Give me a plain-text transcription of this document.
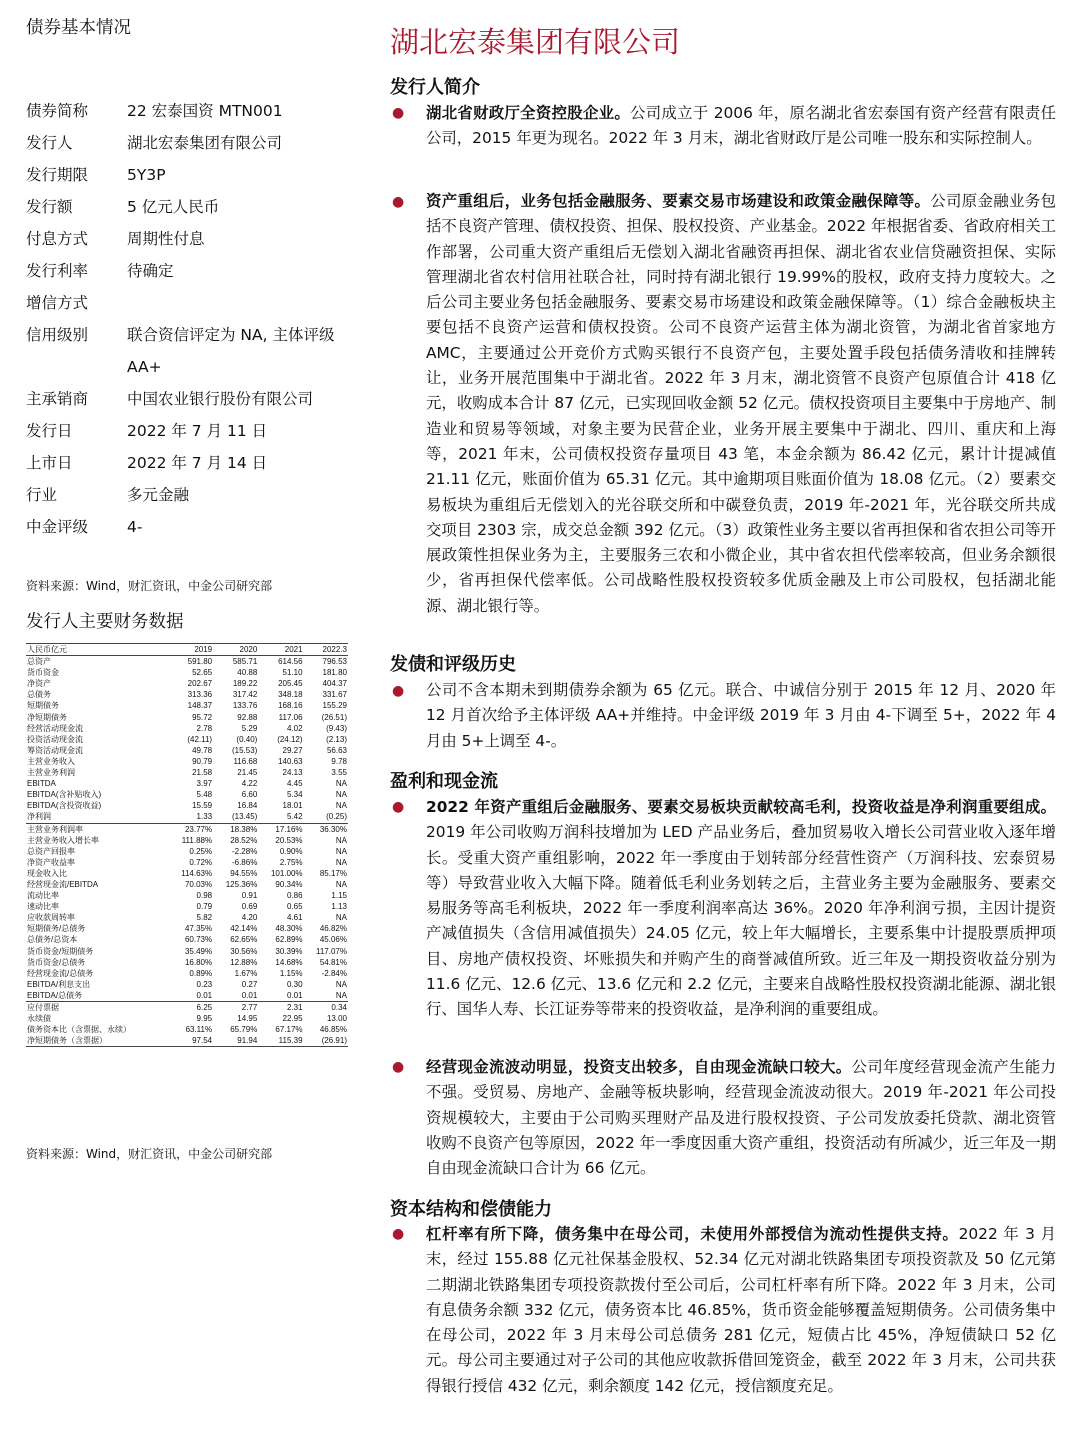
债券基本情况
债券简称	22 宏泰国资 MTN001
发行人	湖北宏泰集团有限公司
发行期限	5Y3P
发行额	5 亿元人民币
付息方式	周期性付息
发行利率	待确定
增信方式
信用级别	联合资信评定为 NA, 主体评级
AA+
主承销商	中国农业银行股份有限公司
发行日	2022 年 7 月 11 日
上市日	2022 年 7 月 14 日
行业	多元金融
中金评级	4-
资料来源：Wind，财汇资讯，中金公司研究部
发行人主要财务数据
人民币亿元	2019	2020	2021	2022.3
总资产	591.80	585.71	614.56	796.53
货币资金	52.65	40.88	51.10	181.80
净资产	202.67	189.22	205.45	404.37
总债务	313.36	317.42	348.18	331.67
短期债务	148.37	133.76	168.16	155.29
净短期债务	95.72	92.88	117.06	(26.51)
经营活动现金流	2.78	5.29	4.02	(9.43)
投资活动现金流	(42.11)	(0.40)	(24.12)	(2.13)
筹资活动现金流	49.78	(15.53)	29.27	56.63
主营业务收入	90.79	116.68	140.63	9.78
主营业务利润	21.58	21.45	24.13	3.55
EBITDA	3.97	4.22	4.45	NA
EBITDA(含补贴收入)	5.48	6.60	5.34	NA
EBITDA(含投资收益)	15.59	16.84	18.01	NA
净利润	1.33	(13.45)	5.42	(0.25)
主营业务利润率	23.77%	18.38%	17.16%	36.30%
主营业务收入增长率	111.88%	28.52%	20.53%	NA
总资产回报率	0.25%	-2.28%	0.90%	NA
净资产收益率	0.72%	-6.86%	2.75%	NA
现金收入比	114.63%	94.55%	101.00%	85.17%
经营现金流/EBITDA	70.03%	125.36%	90.34%	NA
流动比率	0.98	0.91	0.86	1.15
速动比率	0.79	0.69	0.65	1.13
应收款周转率	5.82	4.20	4.61	NA
短期债务/总债务	47.35%	42.14%	48.30%	46.82%
总债务/总资本	60.73%	62.65%	62.89%	45.06%
货币资金/短期债务	35.49%	30.56%	30.39%	117.07%
货币资金/总债务	16.80%	12.88%	14.68%	54.81%
经营现金流/总债务	0.89%	1.67%	1.15%	-2.84%
EBITDA/利息支出	0.23	0.27	0.30	NA
EBITDA/总债务	0.01	0.01	0.01	NA
应付票据	6.25	2.77	2.31	0.34
永续债	9.95	14.95	22.95	13.00
债务资本比（含票据、永续）	63.11%	65.79%	67.17%	46.85%
净短期债务（含票据）	97.54	91.94	115.39	(26.91)
资料来源：Wind，财汇资讯，中金公司研究部
湖北宏泰集团有限公司
发行人简介
● 湖北省财政厅全资控股企业。公司成立于 2006 年，原名湖北省宏泰国有资产经营有限责任公司，2015 年更为现名。2022 年 3 月末，湖北省财政厅是公司唯一股东和实际控制人。
● 资产重组后，业务包括金融服务、要素交易市场建设和政策金融保障等。公司原金融业务包括不良资产管理、债权投资、担保、股权投资、产业基金。2022 年根据省委、省政府相关工作部署，公司重大资产重组后无偿划入湖北省融资再担保、湖北省农业信贷融资担保、实际管理湖北省农村信用社联合社，同时持有湖北银行 19.99%的股权，政府支持力度较大。之后公司主要业务包括金融服务、要素交易市场建设和政策金融保障等。（1）综合金融板块主要包括不良资产运营和债权投资。公司不良资产运营主体为湖北资管，为湖北省首家地方 AMC，主要通过公开竞价方式购买银行不良资产包，主要处置手段包括债务清收和挂牌转让，业务开展范围集中于湖北省。2022 年 3 月末，湖北资管不良资产包原值合计 418 亿元，收购成本合计 87 亿元，已实现回收金额 52 亿元。债权投资项目主要集中于房地产、制造业和贸易等领域，对象主要为民营企业，业务开展主要集中于湖北、四川、重庆和上海等，2021 年末，公司债权投资存量项目 43 笔，本金余额为 86.42 亿元，累计计提减值 21.11 亿元，账面价值为 65.31 亿元。其中逾期项目账面价值为 18.08 亿元。（2）要素交易板块为重组后无偿划入的光谷联交所和中碳登负责，2019 年-2021 年，光谷联交所共成交项目 2303 宗，成交总金额 392 亿元。（3）政策性业务主要以省再担保和省农担公司等开展政策性担保业务为主，主要服务三农和小微企业，其中省农担代偿率较高，但业务余额很少，省再担保代偿率低。公司战略性股权投资较多优质金融及上市公司股权，包括湖北能源、湖北银行等。
发债和评级历史
● 公司不含本期未到期债券余额为 65 亿元。联合、中诚信分别于 2015 年 12 月、2020 年 12 月首次给予主体评级 AA+并维持。中金评级 2019 年 3 月由 4-下调至 5+，2022 年 4 月由 5+上调至 4-。
盈利和现金流
● 2022 年资产重组后金融服务、要素交易板块贡献较高毛利，投资收益是净利润重要组成。2019 年公司收购万润科技增加为 LED 产品业务后，叠加贸易收入增长公司营业收入逐年增长。受重大资产重组影响，2022 年一季度由于划转部分经营性资产（万润科技、宏泰贸易等）导致营业收入大幅下降。随着低毛利业务划转之后，主营业务主要为金融服务、要素交易服务等高毛利板块，2022 年一季度利润率高达 36%。2020 年净利润亏损，主因计提资产减值损失（含信用减值损失）24.05 亿元，较上年大幅增长，主要系集中计提股票质押项目、房地产债权投资、坏账损失和并购产生的商誉减值所致。近三年及一期投资收益分别为 11.6 亿元、12.6 亿元、13.6 亿元和 2.2 亿元，主要来自战略性股权投资湖北能源、湖北银行、国华人寿、长江证券等带来的投资收益，是净利润的重要组成。
● 经营现金流波动明显，投资支出较多，自由现金流缺口较大。公司年度经营现金流产生能力不强。受贸易、房地产、金融等板块影响，经营现金流波动很大。2019 年-2021 年公司投资规模较大，主要由于公司购买理财产品及进行股权投资、子公司发放委托贷款、湖北资管收购不良资产包等原因，2022 年一季度因重大资产重组，投资活动有所减少，近三年及一期自由现金流缺口合计为 66 亿元。
资本结构和偿债能力
● 杠杆率有所下降，债务集中在母公司，未使用外部授信为流动性提供支持。2022 年 3 月末，经过 155.88 亿元社保基金股权、52.34 亿元对湖北铁路集团专项投资款及 50 亿元第二期湖北铁路集团专项投资款拨付至公司后，公司杠杆率有所下降。2022 年 3 月末，公司有息债务余额 332 亿元，债务资本比 46.85%，货币资金能够覆盖短期债务。公司债务集中在母公司，2022 年 3 月末母公司总债务 281 亿元，短债占比 45%，净短债缺口 52 亿元。母公司主要通过对子公司的其他应收款拆借回笼资金，截至 2022 年 3 月末，公司共获得银行授信 432 亿元，剩余额度 142 亿元，授信额度充足。
